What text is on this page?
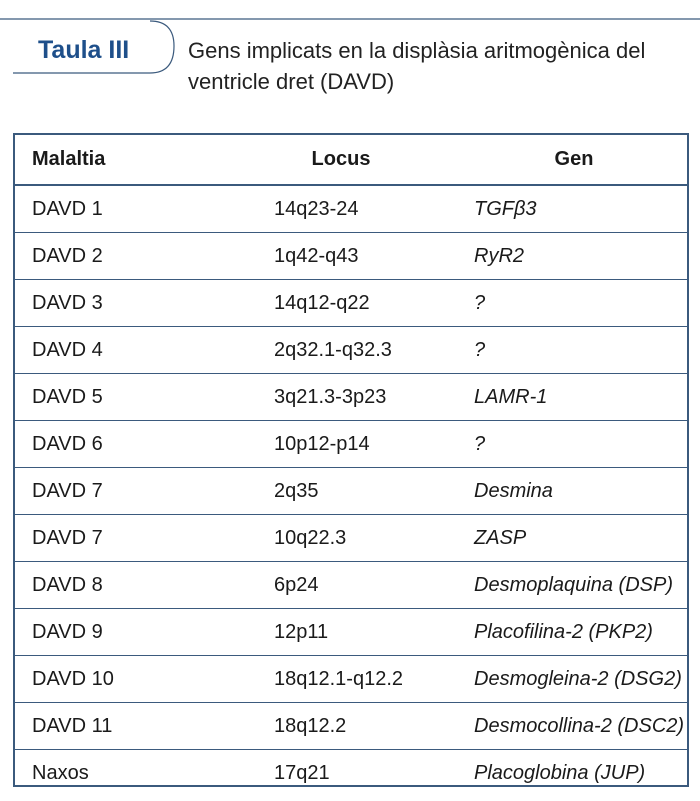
Taula III	Gens implicats en la displàsia aritmogènica del ventricle dret (DAVD)
Malaltia	Locus	Gen
DAVD 1	14q23-24	TGFβ3
DAVD 2	1q42-q43	RyR2
DAVD 3	14q12-q22	?
DAVD 4	2q32.1-q32.3	?
DAVD 5	3q21.3-3p23	LAMR-1
DAVD 6	10p12-p14	?
DAVD 7	2q35	Desmina
DAVD 7	10q22.3	ZASP
DAVD 8	6p24	Desmoplaquina (DSP)
DAVD 9	12p11	Placofilina-2 (PKP2)
DAVD 10	18q12.1-q12.2	Desmogleina-2 (DSG2)
DAVD 11	18q12.2	Desmocollina-2 (DSC2)
Naxos	17q21	Placoglobina (JUP)
